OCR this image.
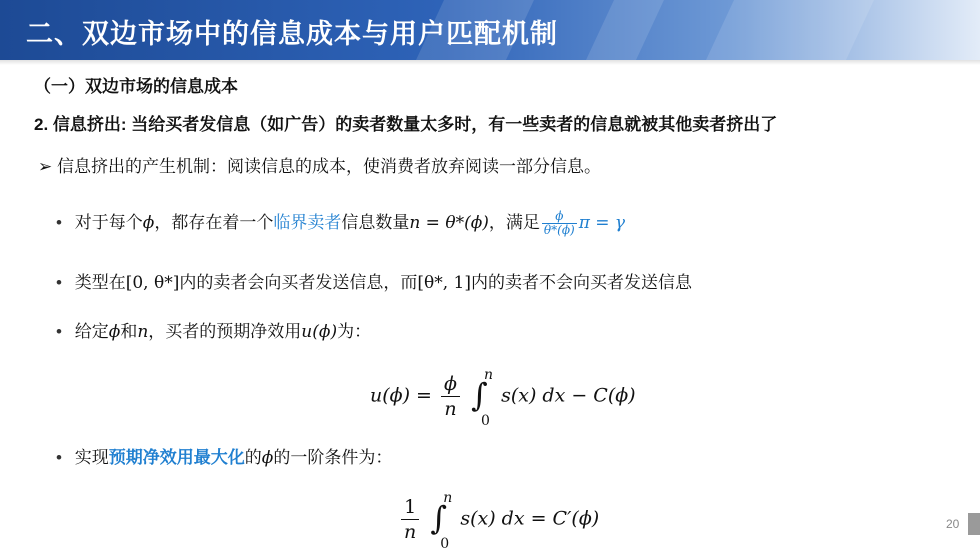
二、双边市场中的信息成本与用户匹配机制
（一）双边市场的信息成本
2. 信息挤出: 当给买者发信息（如广告）的卖者数量太多时，有一些卖者的信息就被其他卖者挤出了
➢ 信息挤出的产生机制：阅读信息的成本，使消费者放弃阅读一部分信息。
• 对于每个ϕ，都存在着一个临界卖者信息数量n = θ*(ϕ)，满足 $\frac{\phi}{\theta*(\phi)}$ π = γ
• 类型在[0, θ*]内的卖者会向买者发送信息，而[θ*, 1]内的卖者不会向买者发送信息
• 给定ϕ和n，买者的预期净效用u(ϕ)为：
$u(\phi) = \frac{\phi}{n}$
∫
n
0
s(x) dx − C(ϕ)
• 实现预期净效用最大化的ϕ的一阶条件为：
$\frac{1}{n}$
∫
n
0
s(x) dx = C′(ϕ)	20
